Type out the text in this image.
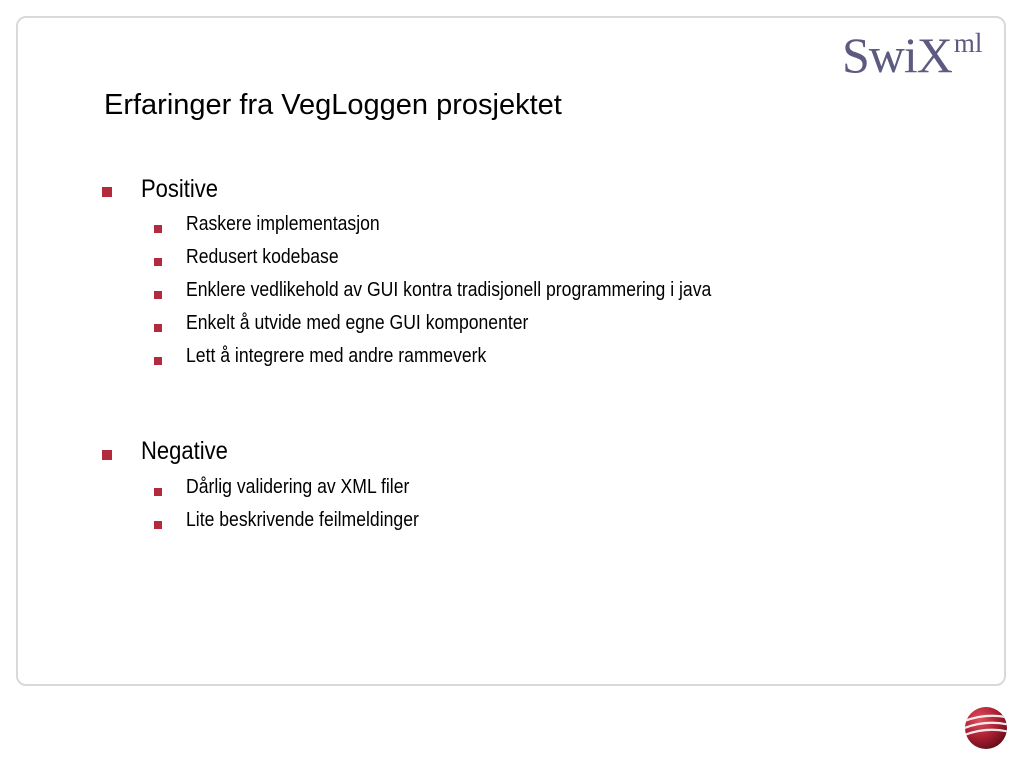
SwiXml
Erfaringer fra VegLoggen prosjektet
Positive
Raskere implementasjon
Redusert kodebase
Enklere vedlikehold av GUI kontra tradisjonell programmering i java
Enkelt å utvide med egne GUI komponenter
Lett å integrere med andre rammeverk
Negative
Dårlig validering av XML filer
Lite beskrivende feilmeldinger
